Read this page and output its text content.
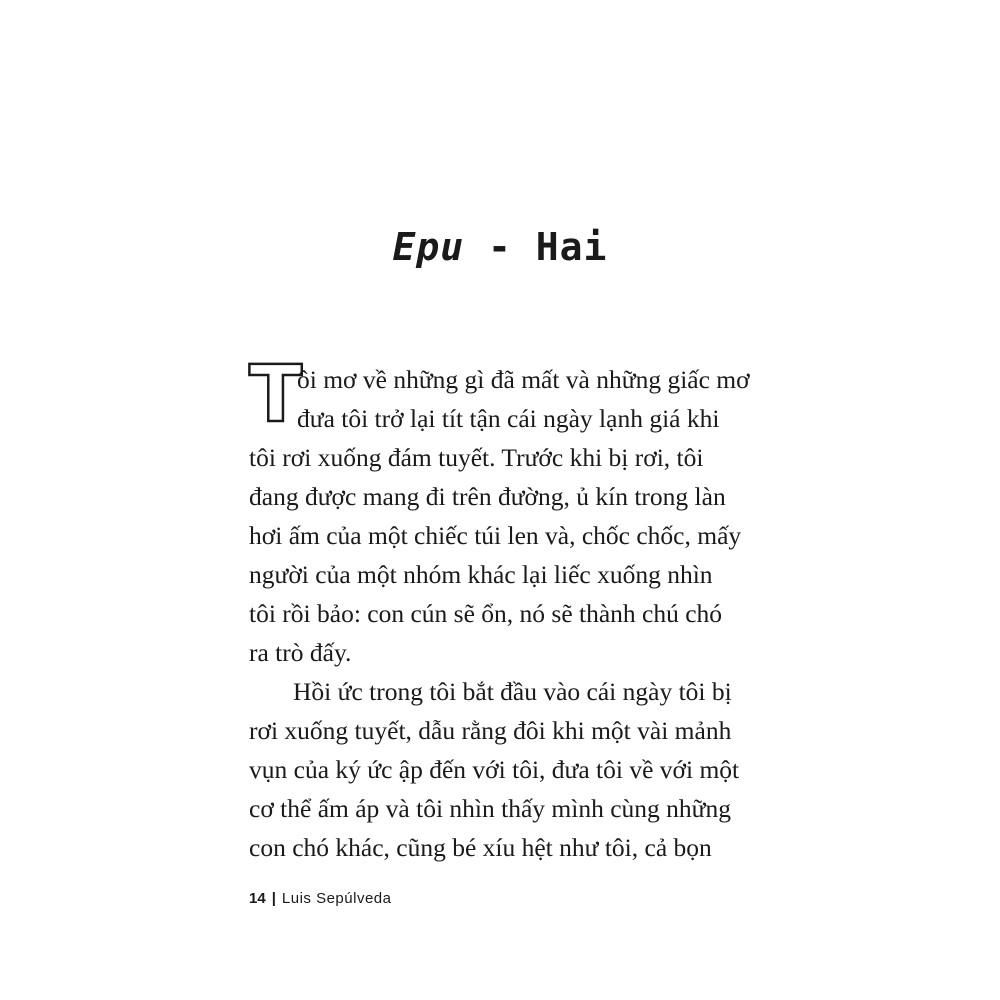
Epu - Hai
T
ôi mơ về những gì đã mất và những giấc mơ
đưa tôi trở lại tít tận cái ngày lạnh giá khi
tôi rơi xuống đám tuyết. Trước khi bị rơi, tôi
đang được mang đi trên đường, ủ kín trong làn
hơi ấm của một chiếc túi len và, chốc chốc, mấy
người của một nhóm khác lại liếc xuống nhìn
tôi rồi bảo: con cún sẽ ổn, nó sẽ thành chú chó
ra trò đấy.
Hồi ức trong tôi bắt đầu vào cái ngày tôi bị
rơi xuống tuyết, dẫu rằng đôi khi một vài mảnh
vụn của ký ức ập đến với tôi, đưa tôi về với một
cơ thể ấm áp và tôi nhìn thấy mình cùng những
con chó khác, cũng bé xíu hệt như tôi, cả bọn
14 | Luis Sepúlveda
